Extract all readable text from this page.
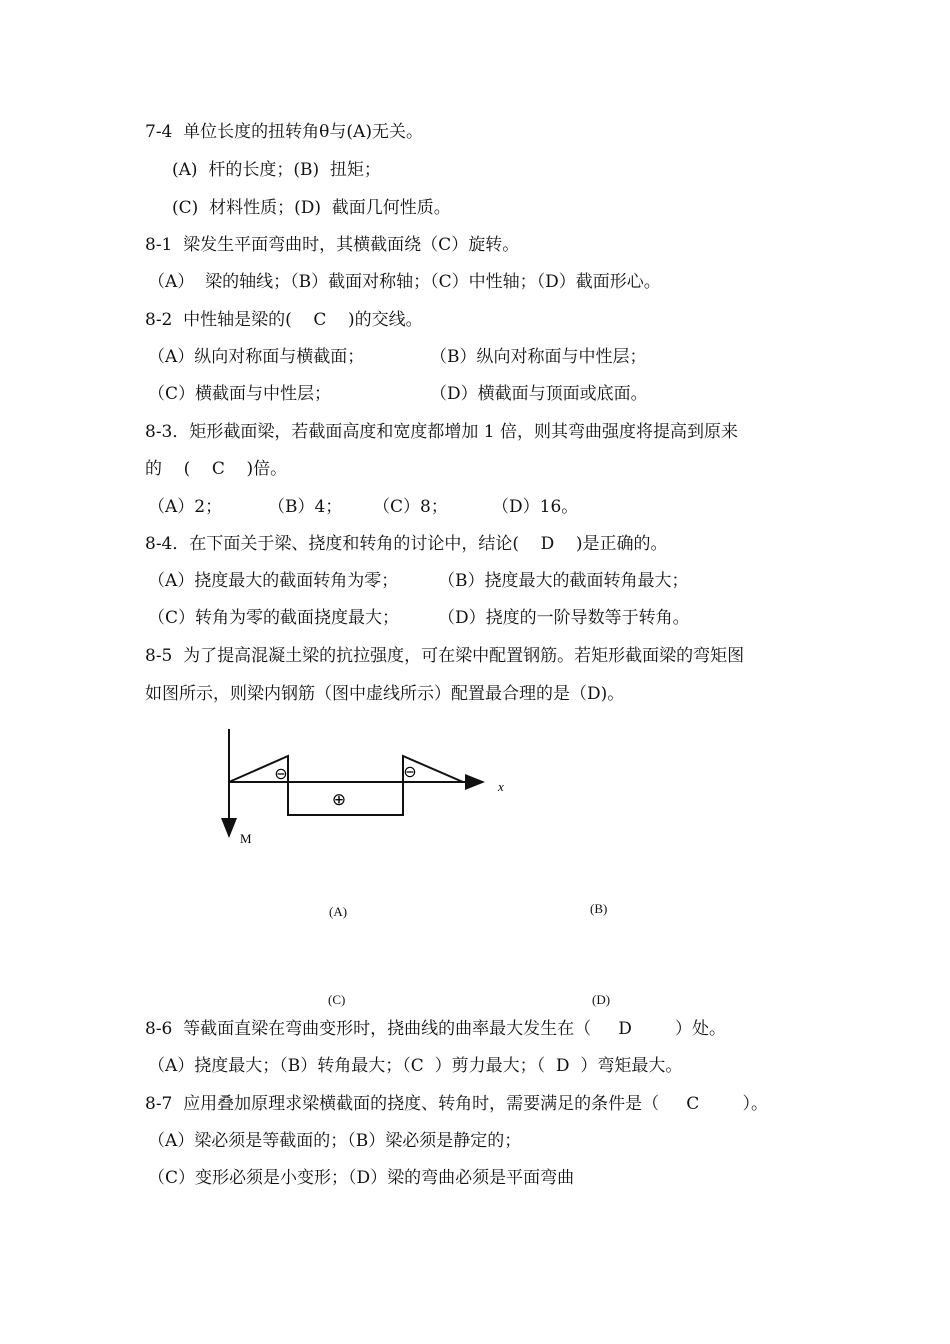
7-4  单位长度的扭转角θ与(A)无关。
(A)  杆的长度；(B)  扭矩；
(C)  材料性质；(D)  截面几何性质。
8-1  梁发生平面弯曲时，其横截面绕（C）旋转。
（A）  梁的轴线；（B）截面对称轴；（C）中性轴；（D）截面形心。
8-2  中性轴是梁的(    C    )的交线。
（A）纵向对称面与横截面；	（B）纵向对称面与中性层；
（C）横截面与中性层；	（D）横截面与顶面或底面。
8-3．矩形截面梁，若截面高度和宽度都增加 1 倍，则其弯曲强度将提高到原来
的    (    C    )倍。
（A）2；	（B）4； （C）8；	（D）16。
8-4．在下面关于梁、挠度和转角的讨论中，结论(    D    )是正确的。
（A）挠度最大的截面转角为零； （B）挠度最大的截面转角最大；
（C）转角为零的截面挠度最大； （D）挠度的一阶导数等于转角。
8-5  为了提高混凝土梁的抗拉强度，可在梁中配置钢筋。若矩形截面梁的弯矩图
如图所示，则梁内钢筋（图中虚线所示）配置最合理的是（D)。
⊖	⊖
⊕
x
M
(A)	(B)
(C)	(D)
8-6  等截面直梁在弯曲变形时，挠曲线的曲率最大发生在（     D        ）处。
（A）挠度最大；（B）转角最大；（C  ）剪力最大；（  D  ）弯矩最大。
8-7  应用叠加原理求梁横截面的挠度、转角时，需要满足的条件是（     C        ）。
（A）梁必须是等截面的；（B）梁必须是静定的；
（C）变形必须是小变形；（D）梁的弯曲必须是平面弯曲
